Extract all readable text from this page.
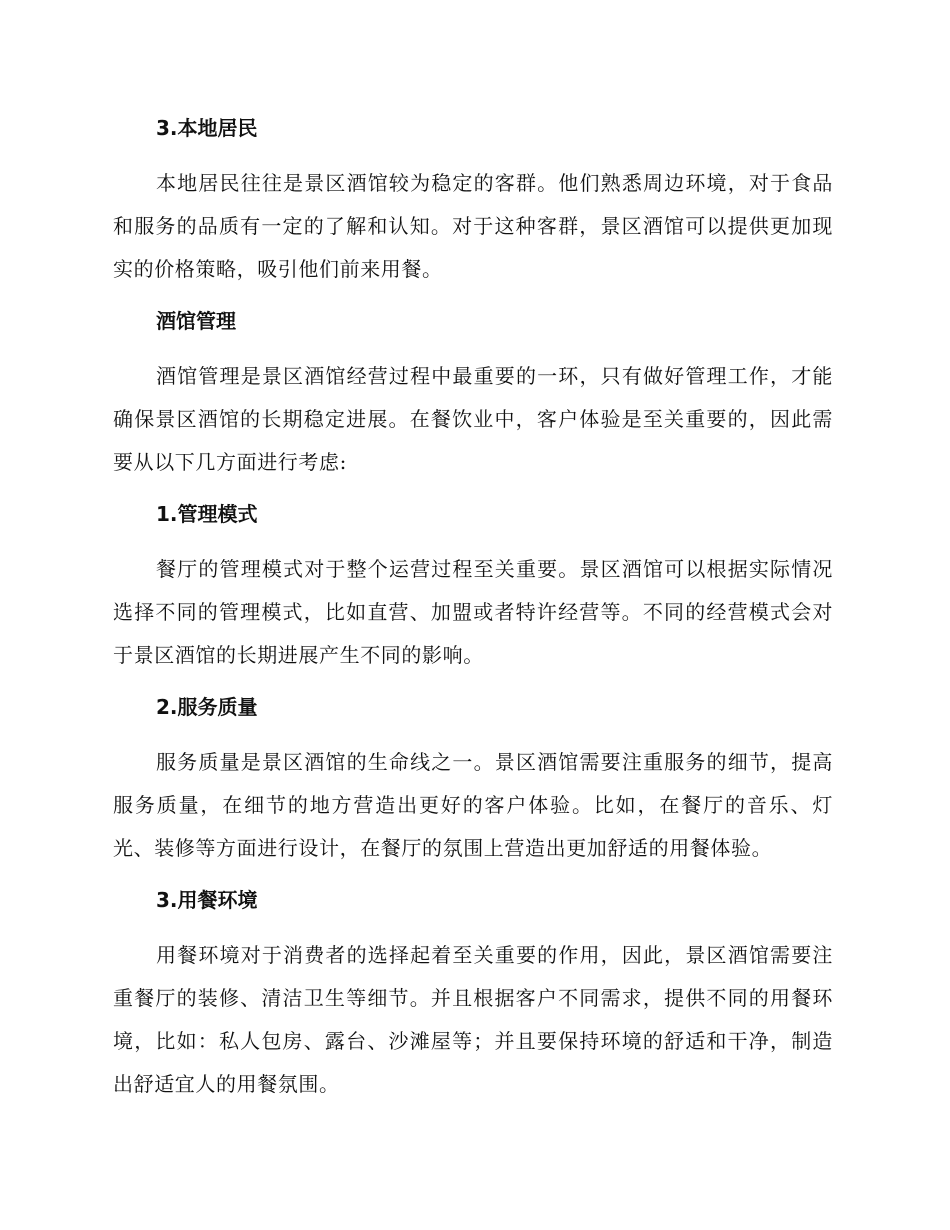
3.本地居民

本地居民往往是景区酒馆较为稳定的客群。他们熟悉周边环境，对于食品和服务的品质有一定的了解和认知。对于这种客群，景区酒馆可以提供更加现实的价格策略，吸引他们前来用餐。

酒馆管理

酒馆管理是景区酒馆经营过程中最重要的一环，只有做好管理工作，才能确保景区酒馆的长期稳定进展。在餐饮业中，客户体验是至关重要的，因此需要从以下几方面进行考虑:

1.管理模式

餐厅的管理模式对于整个运营过程至关重要。景区酒馆可以根据实际情况选择不同的管理模式，比如直营、加盟或者特许经营等。不同的经营模式会对于景区酒馆的长期进展产生不同的影响。

2.服务质量

服务质量是景区酒馆的生命线之一。景区酒馆需要注重服务的细节，提高服务质量，在细节的地方营造出更好的客户体验。比如，在餐厅的音乐、灯光、装修等方面进行设计，在餐厅的氛围上营造出更加舒适的用餐体验。

3.用餐环境

用餐环境对于消费者的选择起着至关重要的作用，因此，景区酒馆需要注重餐厅的装修、清洁卫生等细节。并且根据客户不同需求，提供不同的用餐环境，比如：私人包房、露台、沙滩屋等；并且要保持环境的舒适和干净，制造出舒适宜人的用餐氛围。
